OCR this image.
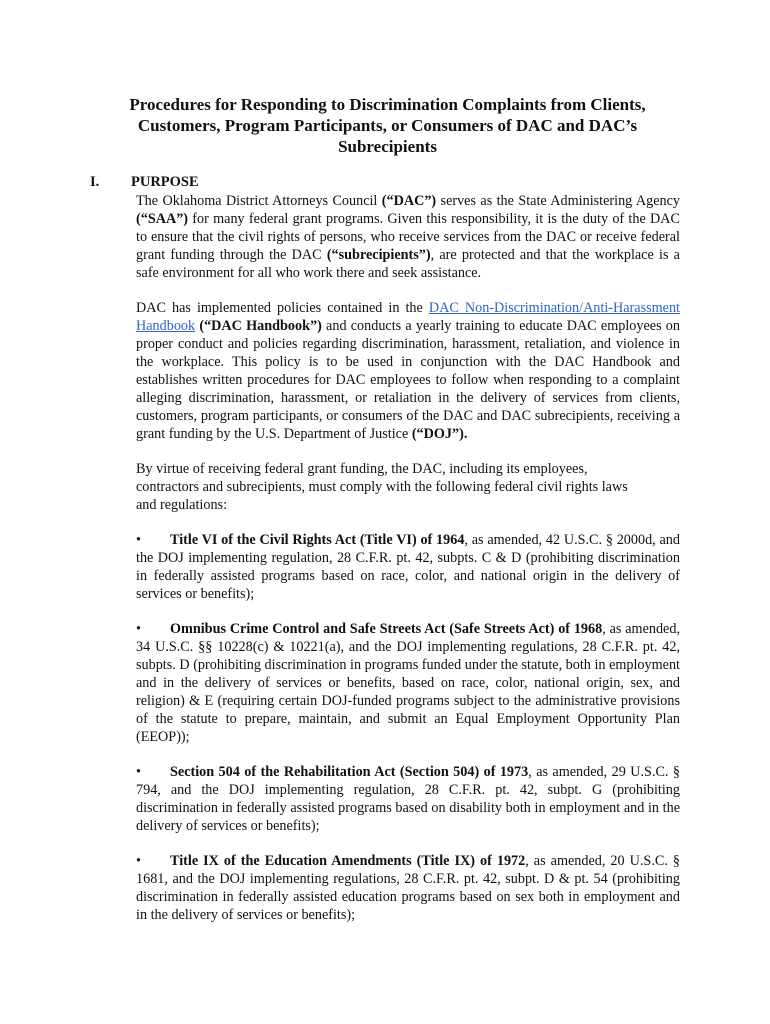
Procedures for Responding to Discrimination Complaints from Clients,
Customers, Program Participants, or Consumers of DAC and DAC’s
Subrecipients
I. PURPOSE

The Oklahoma District Attorneys Council (“DAC”) serves as the State Administering Agency (“SAA”) for many federal grant programs. Given this responsibility, it is the duty of the DAC to ensure that the civil rights of persons, who receive services from the DAC or receive federal grant funding through the DAC (“subrecipients”), are protected and that the workplace is a safe environment for all who work there and seek assistance.

DAC has implemented policies contained in the DAC Non-Discrimination/Anti-Harassment Handbook (“DAC Handbook”) and conducts a yearly training to educate DAC employees on proper conduct and policies regarding discrimination, harassment, retaliation, and violence in the workplace. This policy is to be used in conjunction with the DAC Handbook and establishes written procedures for DAC employees to follow when responding to a complaint alleging discrimination, harassment, or retaliation in the delivery of services from clients, customers, program participants, or consumers of the DAC and DAC subrecipients, receiving a grant funding by the U.S. Department of Justice (“DOJ”).

By virtue of receiving federal grant funding, the DAC, including its employees,
contractors and subrecipients, must comply with the following federal civil rights laws
and regulations:

• Title VI of the Civil Rights Act (Title VI) of 1964, as amended, 42 U.S.C. § 2000d, and the DOJ implementing regulation, 28 C.F.R. pt. 42, subpts. C & D (prohibiting discrimination in federally assisted programs based on race, color, and national origin in the delivery of services or benefits);

• Omnibus Crime Control and Safe Streets Act (Safe Streets Act) of 1968, as amended, 34 U.S.C. §§ 10228(c) & 10221(a), and the DOJ implementing regulations, 28 C.F.R. pt. 42, subpts. D (prohibiting discrimination in programs funded under the statute, both in employment and in the delivery of services or benefits, based on race, color, national origin, sex, and religion) & E (requiring certain DOJ-funded programs subject to the administrative provisions of the statute to prepare, maintain, and submit an Equal Employment Opportunity Plan (EEOP));

• Section 504 of the Rehabilitation Act (Section 504) of 1973, as amended, 29 U.S.C. § 794, and the DOJ implementing regulation, 28 C.F.R. pt. 42, subpt. G (prohibiting discrimination in federally assisted programs based on disability both in employment and in the delivery of services or benefits);

• Title IX of the Education Amendments (Title IX) of 1972, as amended, 20 U.S.C. § 1681, and the DOJ implementing regulations, 28 C.F.R. pt. 42, subpt. D & pt. 54 (prohibiting discrimination in federally assisted education programs based on sex both in employment and in the delivery of services or benefits);
